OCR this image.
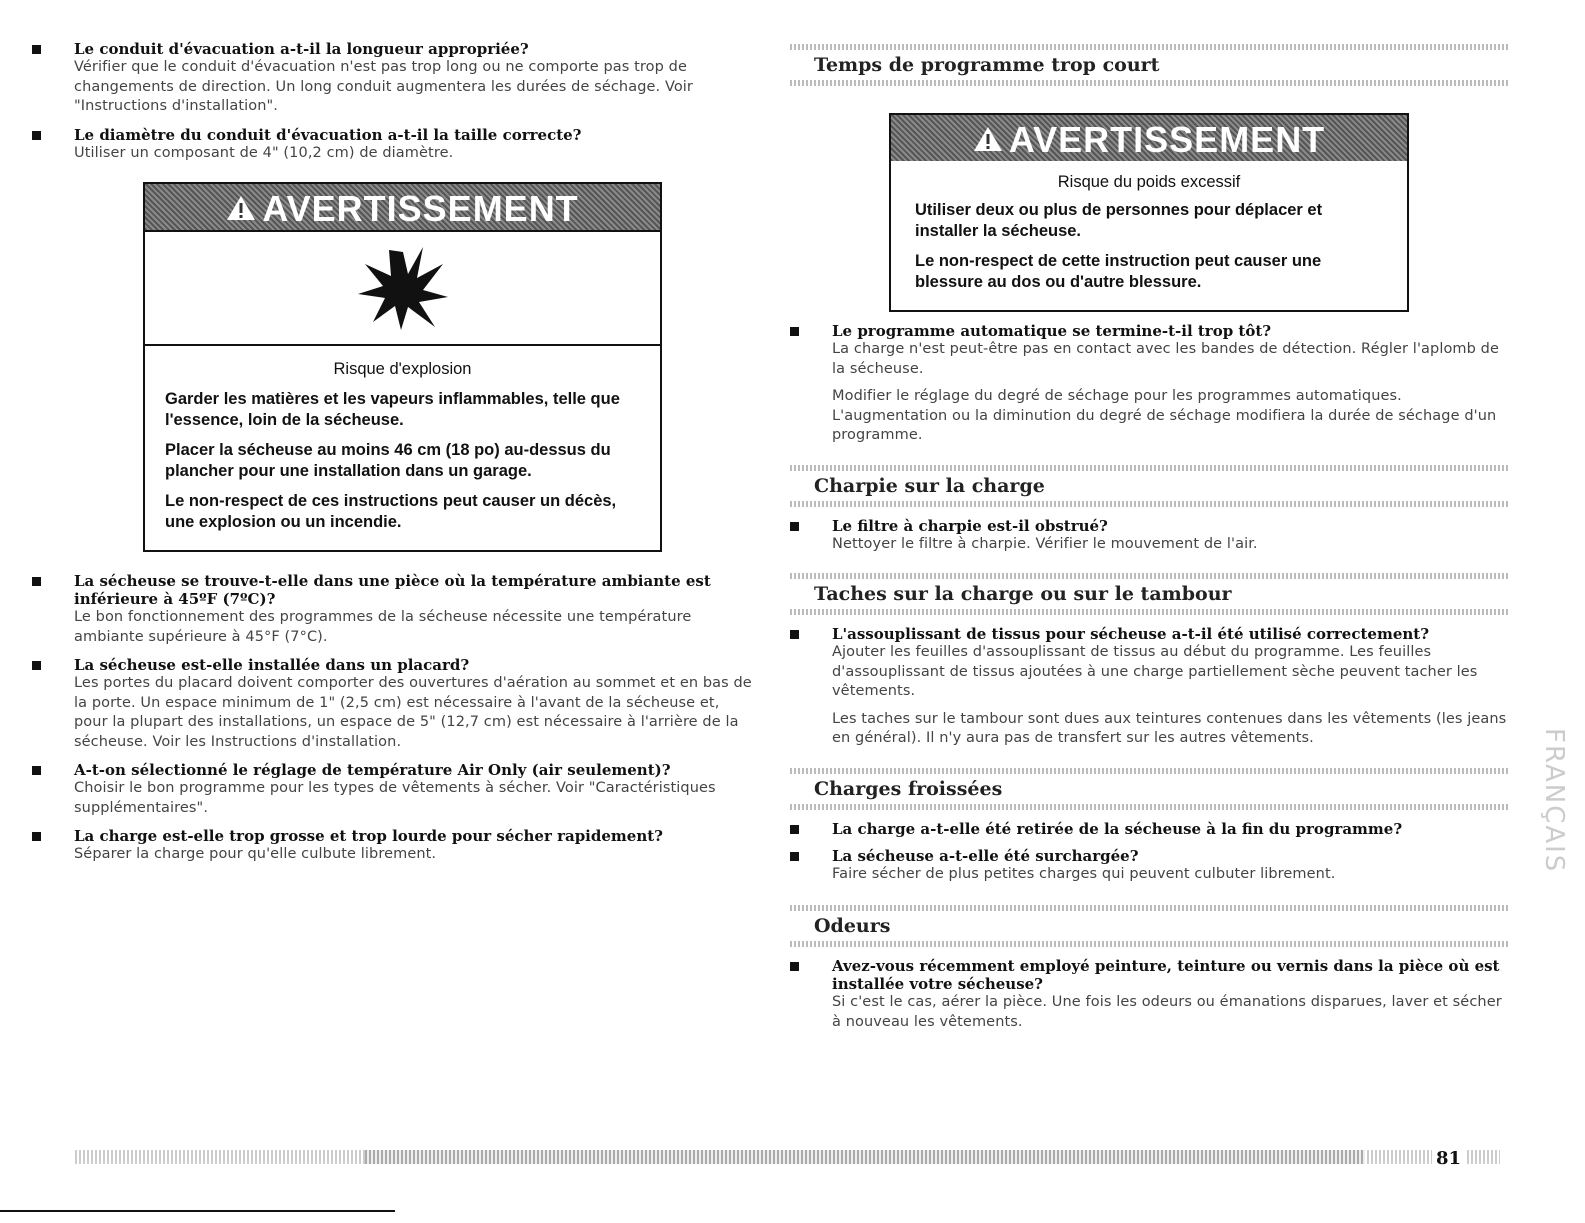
Le conduit d'évacuation a-t-il la longueur appropriée?
Vérifier que le conduit d'évacuation n'est pas trop long ou ne comporte pas trop de changements de direction. Un long conduit augmentera les durées de séchage. Voir "Instructions d'installation".
Le diamètre du conduit d'évacuation a-t-il la taille correcte?
Utiliser un composant de 4" (10,2 cm) de diamètre.
AVERTISSEMENT
Risque d'explosion
Garder les matières et les vapeurs inflammables, telle que l'essence, loin de la sécheuse.
Placer la sécheuse au moins 46 cm (18 po) au-dessus du plancher pour une installation dans un garage.
Le non-respect de ces instructions peut causer un décès, une explosion ou un incendie.
La sécheuse se trouve-t-elle dans une pièce où la température ambiante est inférieure à 45ºF (7ºC)?
Le bon fonctionnement des programmes de la sécheuse nécessite une température ambiante supérieure à 45°F (7°C).
La sécheuse est-elle installée dans un placard?
Les portes du placard doivent comporter des ouvertures d'aération au sommet et en bas de la porte. Un espace minimum de 1" (2,5 cm) est nécessaire à l'avant de la sécheuse et, pour la plupart des installations, un espace de 5" (12,7 cm) est nécessaire à l'arrière de la sécheuse. Voir les Instructions d'installation.
A-t-on sélectionné le réglage de température Air Only (air seulement)?
Choisir le bon programme pour les types de vêtements à sécher. Voir "Caractéristiques supplémentaires".
La charge est-elle trop grosse et trop lourde pour sécher rapidement?
Séparer la charge pour qu'elle culbute librement.
Temps de programme trop court
AVERTISSEMENT
Risque du poids excessif
Utiliser deux ou plus de personnes pour déplacer et installer la sécheuse.
Le non-respect de cette instruction peut causer une blessure au dos ou d'autre blessure.
Le programme automatique se termine-t-il trop tôt?
La charge n'est peut-être pas en contact avec les bandes de détection. Régler l'aplomb de la sécheuse.
Modifier le réglage du degré de séchage pour les programmes automatiques. L'augmentation ou la diminution du degré de séchage modifiera la durée de séchage d'un programme.
Charpie sur la charge
Le filtre à charpie est-il obstrué?
Nettoyer le filtre à charpie. Vérifier le mouvement de l'air.
Taches sur la charge ou sur le tambour
L'assouplissant de tissus pour sécheuse a-t-il été utilisé correctement?
Ajouter les feuilles d'assouplissant de tissus au début du programme. Les feuilles d'assouplissant de tissus ajoutées à une charge partiellement sèche peuvent tacher les vêtements.
Les taches sur le tambour sont dues aux teintures contenues dans les vêtements (les jeans en général). Il n'y aura pas de transfert sur les autres vêtements.
Charges froissées
La charge a-t-elle été retirée de la sécheuse à la fin du programme?
La sécheuse a-t-elle été surchargée?
Faire sécher de plus petites charges qui peuvent culbuter librement.
Odeurs
Avez-vous récemment employé peinture, teinture ou vernis dans la pièce où est installée votre sécheuse?
Si c'est le cas, aérer la pièce. Une fois les odeurs ou émanations disparues, laver et sécher à nouveau les vêtements.
FRANÇAIS
81
